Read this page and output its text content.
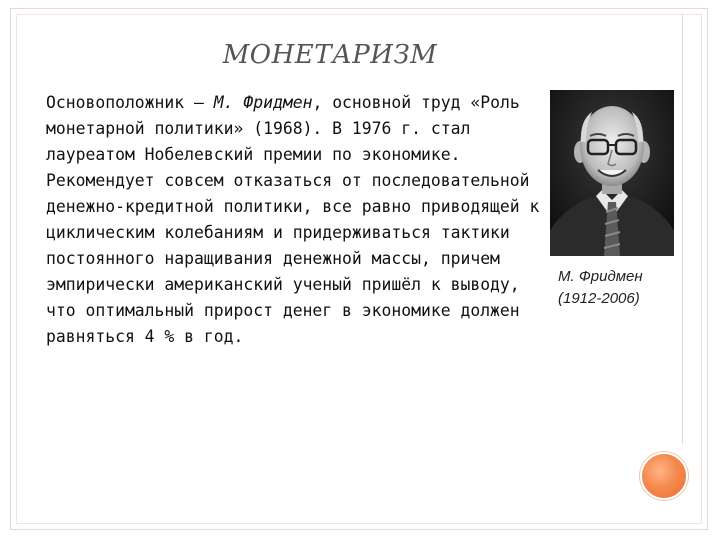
МОНЕТАРИЗМ

Основоположник – М. Фридмен, основной труд «Роль монетарной политики» (1968). В 1976 г. стал лауреатом Нобелевский премии по экономике.
Рекомендует совсем отказаться от последовательной денежно-кредитной политики, все равно приводящей к циклическим колебаниям и придерживаться тактики постоянного наращивания денежной массы, причем эмпирически американский ученый пришёл к выводу, что оптимальный прирост денег в экономике должен равняться 4 % в год.

М. Фридмен
(1912-2006)
